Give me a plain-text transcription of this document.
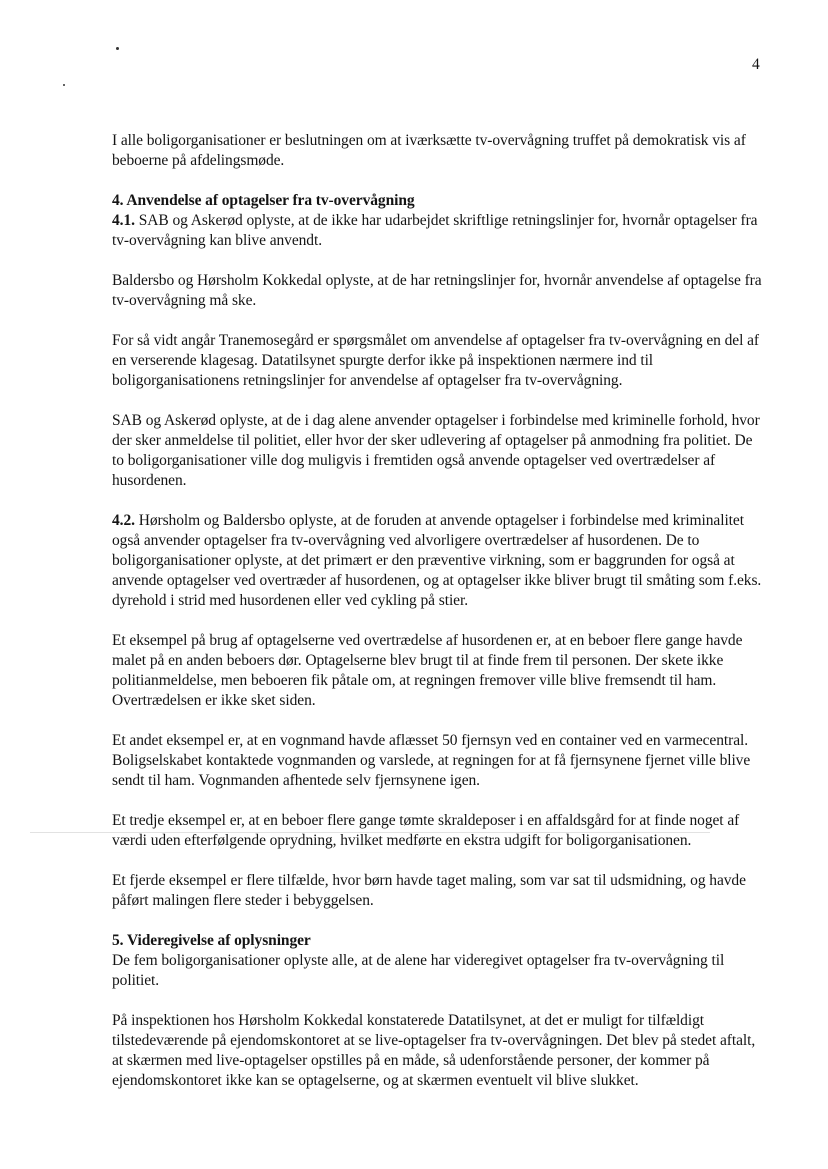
4

I alle boligorganisationer er beslutningen om at iværksætte tv-overvågning truffet på demokratisk vis af beboerne på afdelingsmøde.

4. Anvendelse af optagelser fra tv-overvågning
4.1. SAB og Askerød oplyste, at de ikke har udarbejdet skriftlige retningslinjer for, hvornår optagelser fra tv-overvågning kan blive anvendt.

Baldersbo og Hørsholm Kokkedal oplyste, at de har retningslinjer for, hvornår anvendelse af optagelse fra tv-overvågning må ske.

For så vidt angår Tranemosegård er spørgsmålet om anvendelse af optagelser fra tv-overvågning en del af en verserende klagesag. Datatilsynet spurgte derfor ikke på inspektionen nærmere ind til boligorganisationens retningslinjer for anvendelse af optagelser fra tv-overvågning.

SAB og Askerød oplyste, at de i dag alene anvender optagelser i forbindelse med kriminelle forhold, hvor der sker anmeldelse til politiet, eller hvor der sker udlevering af optagelser på anmodning fra politiet. De to boligorganisationer ville dog muligvis i fremtiden også anvende optagelser ved overtrædelser af husordenen.

4.2. Hørsholm og Baldersbo oplyste, at de foruden at anvende optagelser i forbindelse med kriminalitet også anvender optagelser fra tv-overvågning ved alvorligere overtrædelser af husordenen. De to boligorganisationer oplyste, at det primært er den præventive virkning, som er baggrunden for også at anvende optagelser ved overtræder af husordenen, og at optagelser ikke bliver brugt til småting som f.eks. dyrehold i strid med husordenen eller ved cykling på stier.

Et eksempel på brug af optagelserne ved overtrædelse af husordenen er, at en beboer flere gange havde malet på en anden beboers dør. Optagelserne blev brugt til at finde frem til personen. Der skete ikke politianmeldelse, men beboeren fik påtale om, at regningen fremover ville blive fremsendt til ham. Overtrædelsen er ikke sket siden.

Et andet eksempel er, at en vognmand havde aflæsset 50 fjernsyn ved en container ved en varmecentral. Boligselskabet kontaktede vognmanden og varslede, at regningen for at få fjernsynene fjernet ville blive sendt til ham. Vognmanden afhentede selv fjernsynene igen.

Et tredje eksempel er, at en beboer flere gange tømte skraldeposer i en affaldsgård for at finde noget af værdi uden efterfølgende oprydning, hvilket medførte en ekstra udgift for boligorganisationen.

Et fjerde eksempel er flere tilfælde, hvor børn havde taget maling, som var sat til udsmidning, og havde påført malingen flere steder i bebyggelsen.

5. Videregivelse af oplysninger
De fem boligorganisationer oplyste alle, at de alene har videregivet optagelser fra tv-overvågning til politiet.

På inspektionen hos Hørsholm Kokkedal konstaterede Datatilsynet, at det er muligt for tilfældigt tilstedeværende på ejendomskontoret at se live-optagelser fra tv-overvågningen. Det blev på stedet aftalt, at skærmen med live-optagelser opstilles på en måde, så udenforstående personer, der kommer på ejendomskontoret ikke kan se optagelserne, og at skærmen eventuelt vil blive slukket.
